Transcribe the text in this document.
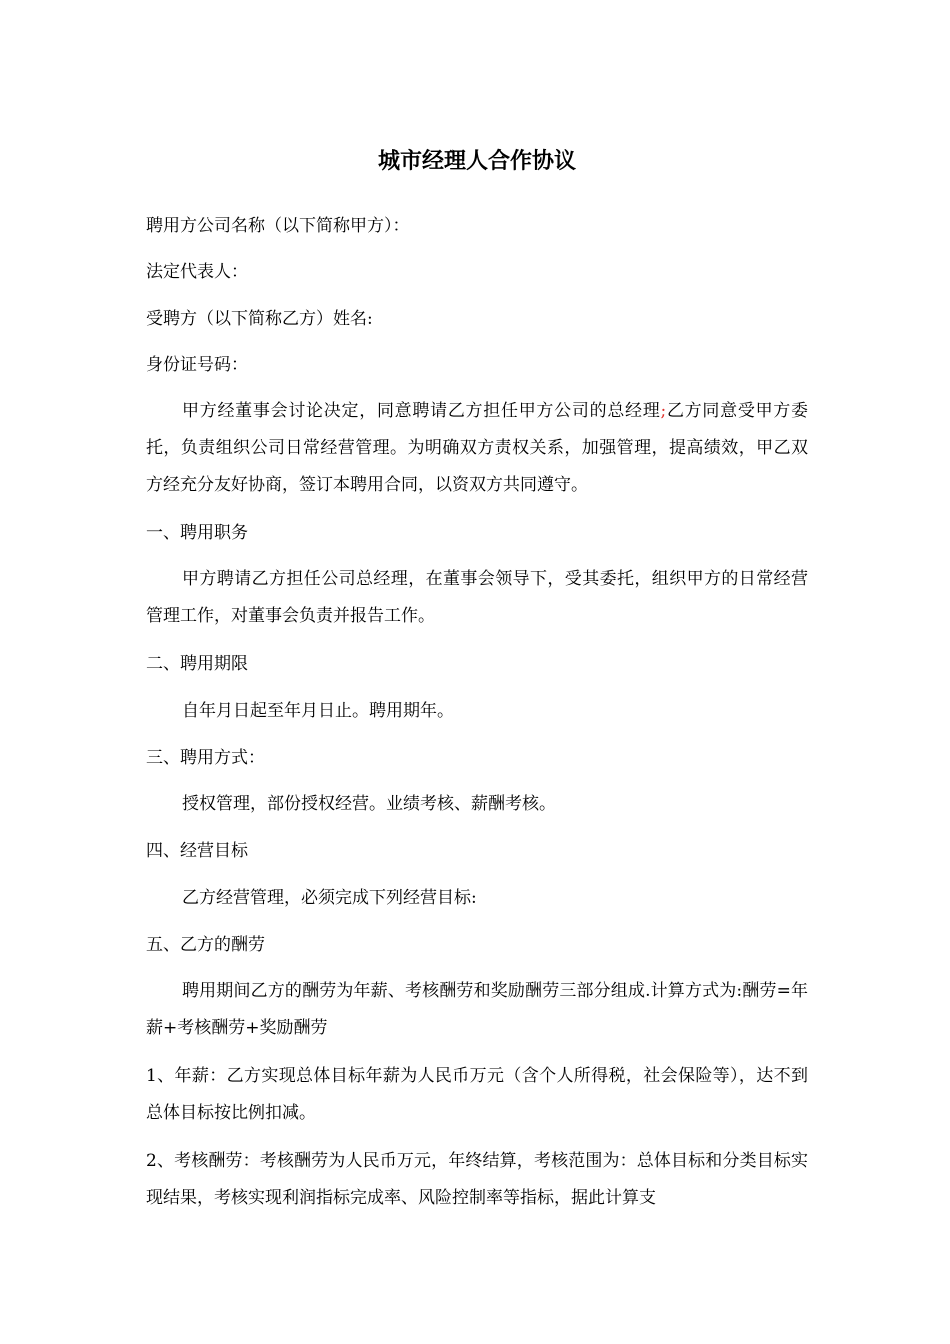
城市经理人合作协议

聘用方公司名称（以下简称甲方）：

法定代表人：

受聘方（以下简称乙方）姓名:

身份证号码：

甲方经董事会讨论决定，同意聘请乙方担任甲方公司的总经理;乙方同意受甲方委托，负责组织公司日常经营管理。为明确双方责权关系，加强管理，提高绩效，甲乙双方经充分友好协商，签订本聘用合同，以资双方共同遵守。

一、聘用职务

甲方聘请乙方担任公司总经理，在董事会领导下，受其委托，组织甲方的日常经营管理工作，对董事会负责并报告工作。

二、聘用期限

自年月日起至年月日止。聘用期年。

三、聘用方式：

授权管理，部份授权经营。业绩考核、薪酬考核。

四、经营目标

乙方经营管理，必须完成下列经营目标:

五、乙方的酬劳

聘用期间乙方的酬劳为年薪、考核酬劳和奖励酬劳三部分组成.计算方式为:酬劳=年薪+考核酬劳+奖励酬劳

1、年薪：乙方实现总体目标年薪为人民币万元（含个人所得税，社会保险等），达不到总体目标按比例扣减。

2、考核酬劳：考核酬劳为人民币万元，年终结算，考核范围为：总体目标和分类目标实现结果，考核实现利润指标完成率、风险控制率等指标，据此计算支
